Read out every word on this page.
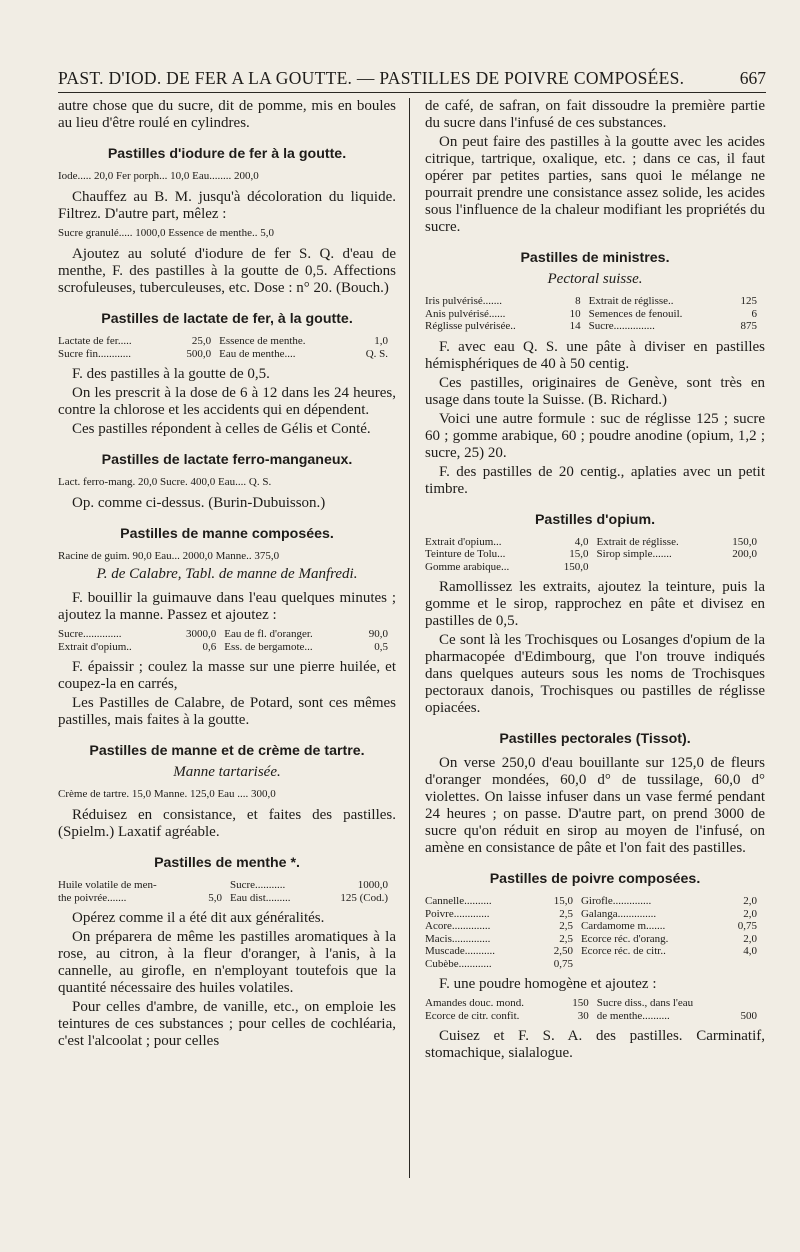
PAST. D'IOD. DE FER A LA GOUTTE. — PASTILLES DE POIVRE COMPOSÉES.	667

autre chose que du sucre, dit de pomme, mis en boules au lieu d'être roulé en cylindres.

Pastilles d'iodure de fer à la goutte.
Iode..... 20,0 Fer porph... 10,0 Eau........ 200,0

Chauffez au B. M. jusqu'à décoloration du liquide. Filtrez. D'autre part, mêlez :

Sucre granulé..... 1000,0 Essence de menthe.. 5,0

Ajoutez au soluté d'iodure de fer S. Q. d'eau de menthe, F. des pastilles à la goutte de 0,5. Affections scrofuleuses, tuberculeuses, etc. Dose : n° 20. (Bouch.)

Pastilles de lactate de fer, à la goutte.
Lactate de fer.....	25,0	Essence de menthe.	1,0
Sucre fin............	500,0	Eau de menthe....	Q. S.

F. des pastilles à la goutte de 0,5.

On les prescrit à la dose de 6 à 12 dans les 24 heures, contre la chlorose et les accidents qui en dépendent.

Ces pastilles répondent à celles de Gélis et Conté.

Pastilles de lactate ferro-manganeux.
Lact. ferro-mang. 20,0 Sucre. 400,0 Eau.... Q. S.

Op. comme ci-dessus. (Burin-Dubuisson.)

Pastilles de manne composées.
Racine de guim. 90,0 Eau... 2000,0 Manne.. 375,0
P. de Calabre, Tabl. de manne de Manfredi.

F. bouillir la guimauve dans l'eau quelques minutes ; ajoutez la manne. Passez et ajoutez :

Sucre..............	3000,0	Eau de fl. d'oranger.	90,0
Extrait d'opium..	0,6	Ess. de bergamote...	0,5

F. épaissir ; coulez la masse sur une pierre huilée, et coupez-la en carrés,

Les Pastilles de Calabre, de Potard, sont ces mêmes pastilles, mais faites à la goutte.

Pastilles de manne et de crème de tartre.
Manne tartarisée.
Crème de tartre. 15,0 Manne. 125,0 Eau .... 300,0

Réduisez en consistance, et faites des pastilles. (Spielm.) Laxatif agréable.

Pastilles de menthe *.
Huile volatile de men-		Sucre...........	1000,0
the poivrée.......	5,0	Eau dist.........	125 (Cod.)

Opérez comme il a été dit aux généralités.

On préparera de même les pastilles aromatiques à la rose, au citron, à la fleur d'oranger, à l'anis, à la cannelle, au girofle, en n'employant toutefois que la quantité nécessaire des huiles volatiles.

Pour celles d'ambre, de vanille, etc., on emploie les teintures de ces substances ; pour celles de cochléaria, c'est l'alcoolat ; pour celles

de café, de safran, on fait dissoudre la première partie du sucre dans l'infusé de ces substances.

On peut faire des pastilles à la goutte avec les acides citrique, tartrique, oxalique, etc. ; dans ce cas, il faut opérer par petites parties, sans quoi le mélange ne pourrait prendre une consistance assez solide, les acides sous l'influence de la chaleur modifiant les propriétés du sucre.

Pastilles de ministres.
Pectoral suisse.
Iris pulvérisé.......	8	Extrait de réglisse..	125
Anis pulvérisé......	10	Semences de fenouil.	6
Réglisse pulvérisée..	14	Sucre...............	875

F. avec eau Q. S. une pâte à diviser en pastilles hémisphériques de 40 à 50 centig.

Ces pastilles, originaires de Genève, sont très en usage dans toute la Suisse. (B. Richard.)

Voici une autre formule : suc de réglisse 125 ; sucre 60 ; gomme arabique, 60 ; poudre anodine (opium, 1,2 ; sucre, 25) 20.

F. des pastilles de 20 centig., aplaties avec un petit timbre.

Pastilles d'opium.
Extrait d'opium...	4,0	Extrait de réglisse.	150,0
Teinture de Tolu...	15,0	Sirop simple.......	200,0
Gomme arabique...	150,0		

Ramollissez les extraits, ajoutez la teinture, puis la gomme et le sirop, rapprochez en pâte et divisez en pastilles de 0,5.

Ce sont là les Trochisques ou Losanges d'opium de la pharmacopée d'Edimbourg, que l'on trouve indiqués dans quelques auteurs sous les noms de Trochisques pectoraux danois, Trochisques ou pastilles de réglisse opiacées.

Pastilles pectorales (Tissot).

On verse 250,0 d'eau bouillante sur 125,0 de fleurs d'oranger mondées, 60,0 d° de tussilage, 60,0 d° violettes. On laisse infuser dans un vase fermé pendant 24 heures ; on passe. D'autre part, on prend 3000 de sucre qu'on réduit en sirop au moyen de l'infusé, on amène en consistance de pâte et l'on fait des pastilles.

Pastilles de poivre composées.
Cannelle..........	15,0	Girofle..............	2,0
Poivre.............	2,5	Galanga..............	2,0
Acore..............	2,5	Cardamome m.......	0,75
Macis..............	2,5	Ecorce réc. d'orang.	2,0
Muscade...........	2,50	Ecorce réc. de citr..	4,0
Cubèbe............	0,75		

F. une poudre homogène et ajoutez :

Amandes douc. mond.	150	Sucre diss., dans l'eau	
Ecorce de citr. confit.	30	de menthe..........	500

Cuisez et F. S. A. des pastilles. Carminatif, stomachique, sialalogue.
